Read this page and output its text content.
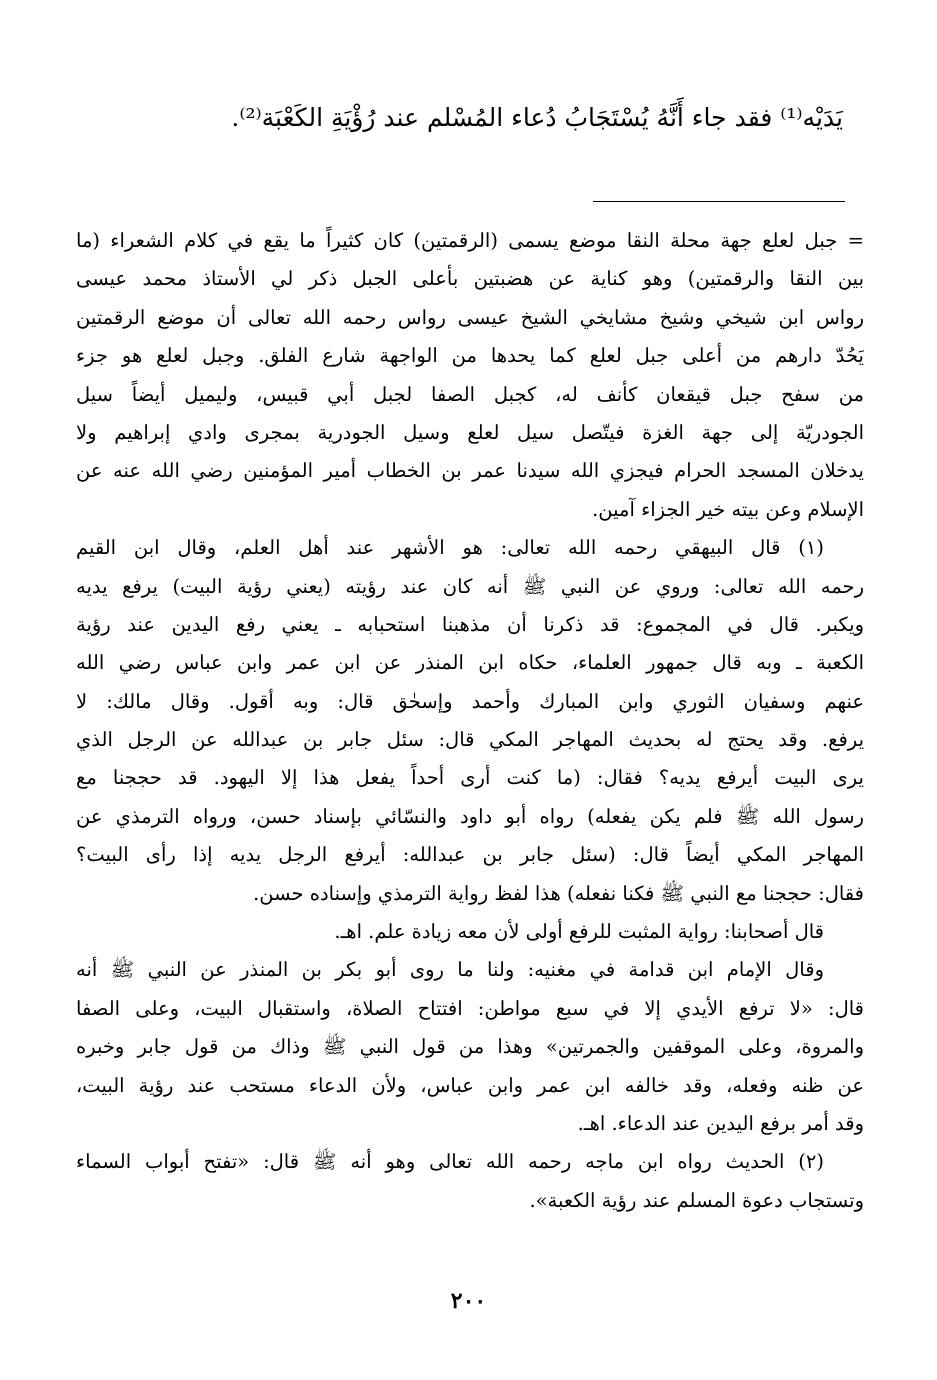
يَدَيْه⁽¹⁾ فقد جاء أَنَّهُ يُسْتَجَابُ دُعاء المُسْلم عند رُؤْيَةِ الكَعْبَة⁽²⁾.
= جبل لعلع جهة محلة النقا موضع يسمى (الرقمتين) كان كثيراً ما يقع في كلام الشعراء (ما
بين النقا والرقمتين) وهو كناية عن هضبتين بأعلى الجبل ذكر لي الأستاذ محمد عيسى
رواس ابن شيخي وشيخ مشايخي الشيخ عيسى رواس رحمه الله تعالى أن موضع الرقمتين
يَحُدّ دارهم من أعلى جبل لعلع كما يحدها من الواجهة شارع الفلق. وجبل لعلع هو جزء
من سفح جبل قيقعان كأنف له، كجبل الصفا لجبل أبي قبيس، وليميل أيضاً سيل
الجودريّة إلى جهة الغزة فيتّصل سيل لعلع وسيل الجودرية بمجرى وادي إبراهيم ولا
يدخلان المسجد الحرام فيجزي الله سيدنا عمر بن الخطاب أمير المؤمنين رضي الله عنه عن
الإسلام وعن بيته خير الجزاء آمين.
(١) قال البيهقي رحمه الله تعالى: هو الأشهر عند أهل العلم، وقال ابن القيم
رحمه الله تعالى: وروي عن النبي ﷺ أنه كان عند رؤيته (يعني رؤية البيت) يرفع يديه
ويكبر. قال في المجموع: قد ذكرنا أن مذهبنا استحبابه ـ يعني رفع اليدين عند رؤية
الكعبة ـ وبه قال جمهور العلماء، حكاه ابن المنذر عن ابن عمر وابن عباس رضي الله
عنهم وسفيان الثوري وابن المبارك وأحمد وإسحٰق قال: وبه أقول. وقال مالك: لا
يرفع. وقد يحتج له بحديث المهاجر المكي قال: سئل جابر بن عبدالله عن الرجل الذي
يرى البيت أيرفع يديه؟ فقال: (ما كنت أرى أحداً يفعل هذا إلا اليهود. قد حججنا مع
رسول الله ﷺ فلم يكن يفعله) رواه أبو داود والنسّائي بإسناد حسن، ورواه الترمذي عن
المهاجر المكي أيضاً قال: (سئل جابر بن عبدالله: أيرفع الرجل يديه إذا رأى البيت؟
فقال: حججنا مع النبي ﷺ فكنا نفعله) هذا لفظ رواية الترمذي وإسناده حسن.
قال أصحابنا: رواية المثبت للرفع أولى لأن معه زيادة علم. اهـ.
وقال الإمام ابن قدامة في مغنيه: ولنا ما روى أبو بكر بن المنذر عن النبي ﷺ أنه
قال: «لا ترفع الأيدي إلا في سبع مواطن: افتتاح الصلاة، واستقبال البيت، وعلى الصفا
والمروة، وعلى الموقفين والجمرتين» وهذا من قول النبي ﷺ وذاك من قول جابر وخبره
عن ظنه وفعله، وقد خالفه ابن عمر وابن عباس، ولأن الدعاء مستحب عند رؤية البيت،
وقد أمر برفع اليدين عند الدعاء. اهـ.
(٢) الحديث رواه ابن ماجه رحمه الله تعالى وهو أنه ﷺ قال: «تفتح أبواب السماء
وتستجاب دعوة المسلم عند رؤية الكعبة».
٢٠٠
